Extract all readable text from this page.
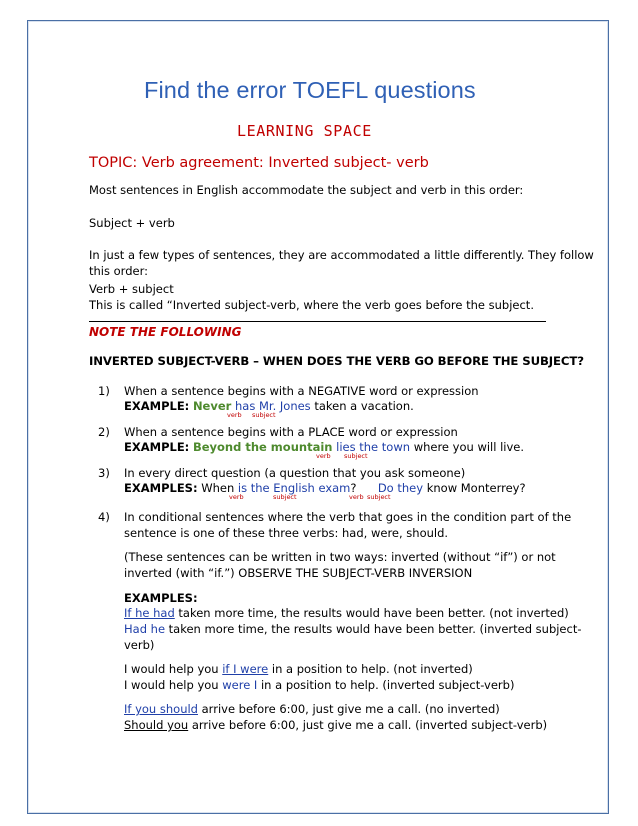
Find the error TOEFL questions
LEARNING SPACE
TOPIC: Verb agreement: Inverted subject- verb
Most sentences in English accommodate the subject and verb in this order:
Subject + verb
In just a few types of sentences, they are accommodated a little differently. They follow
this order:
Verb + subject
This is called “Inverted subject-verb, where the verb goes before the subject.
NOTE THE FOLLOWING
INVERTED SUBJECT-VERB – WHEN DOES THE VERB GO BEFORE THE SUBJECT?
1) When a sentence begins with a NEGATIVE word or expression
EXAMPLE: Never has Mr. Jones taken a vacation.
verb subject
2) When a sentence begins with a PLACE word or expression
EXAMPLE: Beyond the mountain lies the town where you will live.
verb subject
3) In every direct question (a question that you ask someone)
EXAMPLES: When is the English exam? Do they know Monterrey?
verb	subject	verb subject
4) In conditional sentences where the verb that goes in the condition part of the
sentence is one of these three verbs: had, were, should.
(These sentences can be written in two ways: inverted (without “if”) or not
inverted (with “if.”) OBSERVE THE SUBJECT-VERB INVERSION
EXAMPLES:
If he had taken more time, the results would have been better. (not inverted)
Had he taken more time, the results would have been better. (inverted subject-
verb)
I would help you if I were in a position to help. (not inverted)
I would help you were I in a position to help. (inverted subject-verb)
If you should arrive before 6:00, just give me a call. (no inverted)
Should you arrive before 6:00, just give me a call. (inverted subject-verb)
